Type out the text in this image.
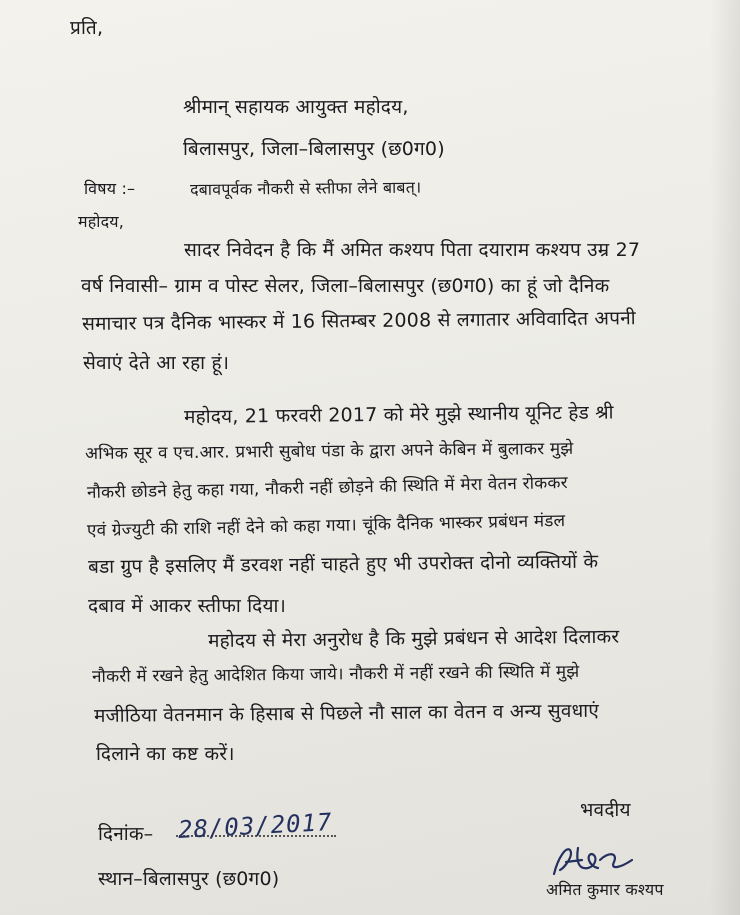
प्रति,
श्रीमान् सहायक आयुक्त महोदय,
बिलासपुर, जिला–बिलासपुर (छ0ग0)
विषय :–	दबावपूर्वक नौकरी से स्तीफा लेने बाबत्।
महोदय,
सादर निवेदन है कि मैं अमित कश्यप पिता दयाराम कश्यप उम्र 27
वर्ष निवासी– ग्राम व पोस्ट सेलर, जिला–बिलासपुर (छ0ग0) का हूं जो दैनिक
समाचार पत्र दैनिक भास्कर में 16 सितम्बर 2008 से लगातार अविवादित अपनी
सेवाएं देते आ रहा हूं।
महोदय, 21 फरवरी 2017 को मेरे मुझे स्थानीय यूनिट हेड श्री
अभिक सूर व एच.आर. प्रभारी सुबोध पंडा के द्वारा अपने केबिन में बुलाकर मुझे
नौकरी छोडने हेतु कहा गया, नौकरी नहीं छोड़ने की स्थिति में मेरा वेतन रोककर
एवं ग्रेज्युटी की राशि नहीं देने को कहा गया। चूंकि दैनिक भास्कर प्रबंधन मंडल
बडा ग्रुप है इसलिए मैं डरवश नहीं चाहते हुए भी उपरोक्त दोनो व्यक्तियों के
दबाव में आकर स्तीफा दिया।
महोदय से मेरा अनुरोध है कि मुझे प्रबंधन से आदेश दिलाकर
नौकरी में रखने हेतु आदेशित किया जाये। नौकरी में नहीं रखने की स्थिति में मुझे
मजीठिया वेतनमान के हिसाब से पिछले नौ साल का वेतन व अन्य सुवधाएं
दिलाने का कष्ट करें।
भवदीय
दिनांक– 28/03/2017
स्थान–बिलासपुर (छ0ग0)	अमित कुमार कश्यप
